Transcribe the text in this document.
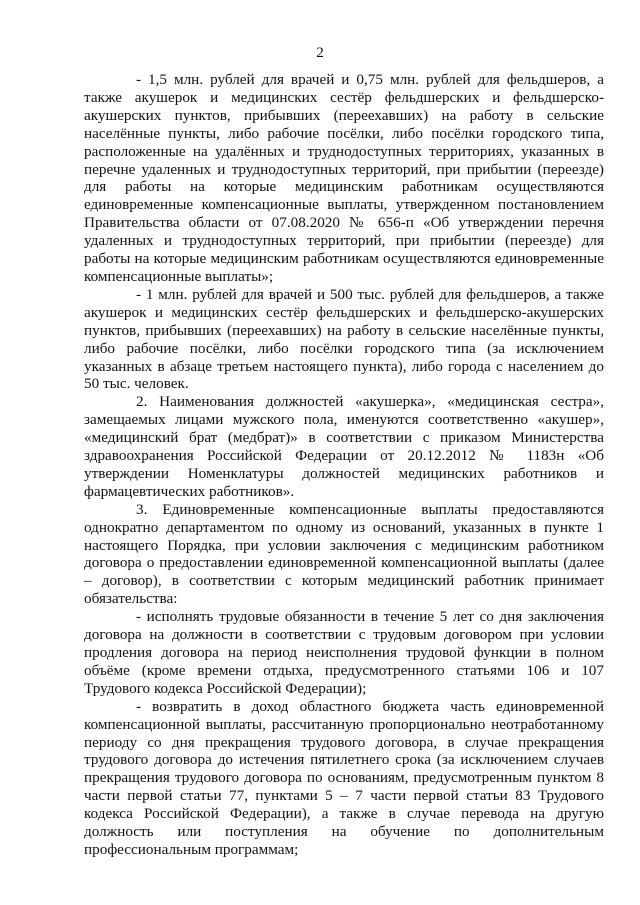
2

- 1,5 млн. рублей для врачей и 0,75 млн. рублей для фельдшеров, а также акушерок и медицинских сестёр фельдшерских и фельдшерско-акушерских пунктов, прибывших (переехавших) на работу в сельские населённые пункты, либо рабочие посёлки, либо посёлки городского типа, расположенные на удалённых и труднодоступных территориях, указанных в перечне удаленных и труднодоступных территорий, при прибытии (переезде) для работы на которые медицинским работникам осуществляются единовременные компенсационные выплаты, утвержденном постановлением Правительства области от 07.08.2020 № 656-п «Об утверждении перечня удаленных и труднодоступных территорий, при прибытии (переезде) для работы на которые медицинским работникам осуществляются единовременные компенсационные выплаты»;

- 1 млн. рублей для врачей и 500 тыс. рублей для фельдшеров, а также акушерок и медицинских сестёр фельдшерских и фельдшерско-акушерских пунктов, прибывших (переехавших) на работу в сельские населённые пункты, либо рабочие посёлки, либо посёлки городского типа (за исключением указанных в абзаце третьем настоящего пункта), либо города с населением до 50 тыс. человек.

2. Наименования должностей «акушерка», «медицинская сестра», замещаемых лицами мужского пола, именуются соответственно «акушер», «медицинский брат (медбрат)» в соответствии с приказом Министерства здравоохранения Российской Федерации от 20.12.2012 № 1183н «Об утверждении Номенклатуры должностей медицинских работников и фармацевтических работников».

3. Единовременные компенсационные выплаты предоставляются однократно департаментом по одному из оснований, указанных в пункте 1 настоящего Порядка, при условии заключения с медицинским работником договора о предоставлении единовременной компенсационной выплаты (далее – договор), в соответствии с которым медицинский работник принимает обязательства:

- исполнять трудовые обязанности в течение 5 лет со дня заключения договора на должности в соответствии с трудовым договором при условии продления договора на период неисполнения трудовой функции в полном объёме (кроме времени отдыха, предусмотренного статьями 106 и 107 Трудового кодекса Российской Федерации);

- возвратить в доход областного бюджета часть единовременной компенсационной выплаты, рассчитанную пропорционально неотработанному периоду со дня прекращения трудового договора, в случае прекращения трудового договора до истечения пятилетнего срока (за исключением случаев прекращения трудового договора по основаниям, предусмотренным пунктом 8 части первой статьи 77, пунктами 5 – 7 части первой статьи 83 Трудового кодекса Российской Федерации), а также в случае перевода на другую должность или поступления на обучение по дополнительным профессиональным программам;
